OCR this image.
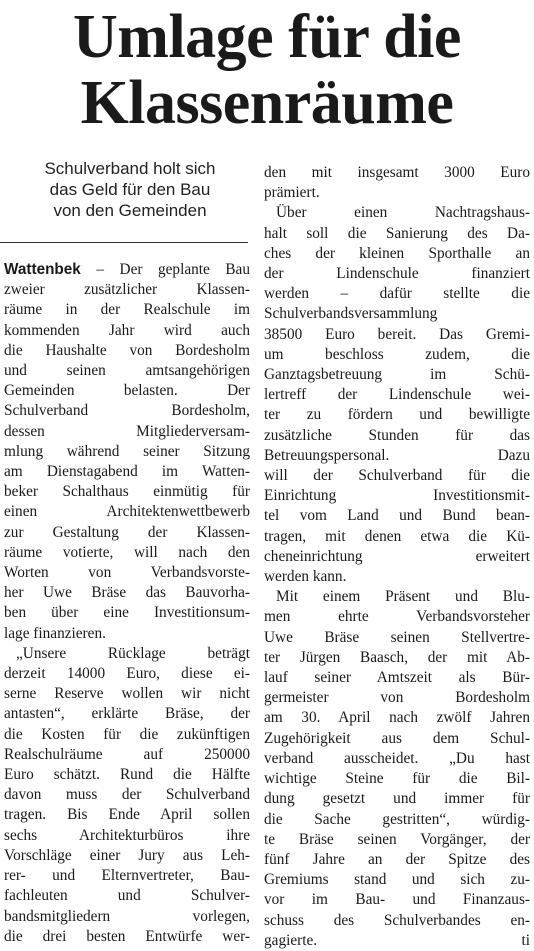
Umlage für die
Klassenräume
Schulverband holt sich
das Geld für den Bau
von den Gemeinden
Wattenbek – Der geplante Bau
zweier zusätzlicher Klassen-
räume in der Realschule im
kommenden Jahr wird auch
die Haushalte von Bordesholm
und seinen amtsangehörigen
Gemeinden belasten. Der
Schulverband Bordesholm,
dessen Mitgliederversam-
mlung während seiner Sitzung
am Dienstagabend im Watten-
beker Schalthaus einmütig für
einen Architektenwettbewerb
zur Gestaltung der Klassen-
räume votierte, will nach den
Worten von Verbandsvorste-
her Uwe Bräse das Bauvorha-
ben über eine Investitionsum-
lage finanzieren.
„Unsere Rücklage beträgt
derzeit 14000 Euro, diese ei-
serne Reserve wollen wir nicht
antasten“, erklärte Bräse, der
die Kosten für die zukünftigen
Realschulräume auf 250000
Euro schätzt. Rund die Hälfte
davon muss der Schulverband
tragen. Bis Ende April sollen
sechs Architekturbüros ihre
Vorschläge einer Jury aus Leh-
rer- und Elternvertreter, Bau-
fachleuten und Schulver-
bandsmitgliedern vorlegen,
die drei besten Entwürfe wer-
den mit insgesamt 3000 Euro
prämiert.
Über einen Nachtragshaus-
halt soll die Sanierung des Da-
ches der kleinen Sporthalle an
der Lindenschule finanziert
werden – dafür stellte die
Schulverbandsversammlung
38500 Euro bereit. Das Gremi-
um beschloss zudem, die
Ganztagsbetreuung im Schü-
lertreff der Lindenschule wei-
ter zu fördern und bewilligte
zusätzliche Stunden für das
Betreuungspersonal. Dazu
will der Schulverband für die
Einrichtung Investitionsmit-
tel vom Land und Bund bean-
tragen, mit denen etwa die Kü-
cheneinrichtung erweitert
werden kann.
Mit einem Präsent und Blu-
men ehrte Verbandsvorsteher
Uwe Bräse seinen Stellvertre-
ter Jürgen Baasch, der mit Ab-
lauf seiner Amtszeit als Bür-
germeister von Bordesholm
am 30. April nach zwölf Jahren
Zugehörigkeit aus dem Schul-
verband ausscheidet. „Du hast
wichtige Steine für die Bil-
dung gesetzt und immer für
die Sache gestritten“, würdig-
te Bräse seinen Vorgänger, der
fünf Jahre an der Spitze des
Gremiums stand und sich zu-
vor im Bau- und Finanzaus-
schuss des Schulverbandes en-
gagierte.	ti
